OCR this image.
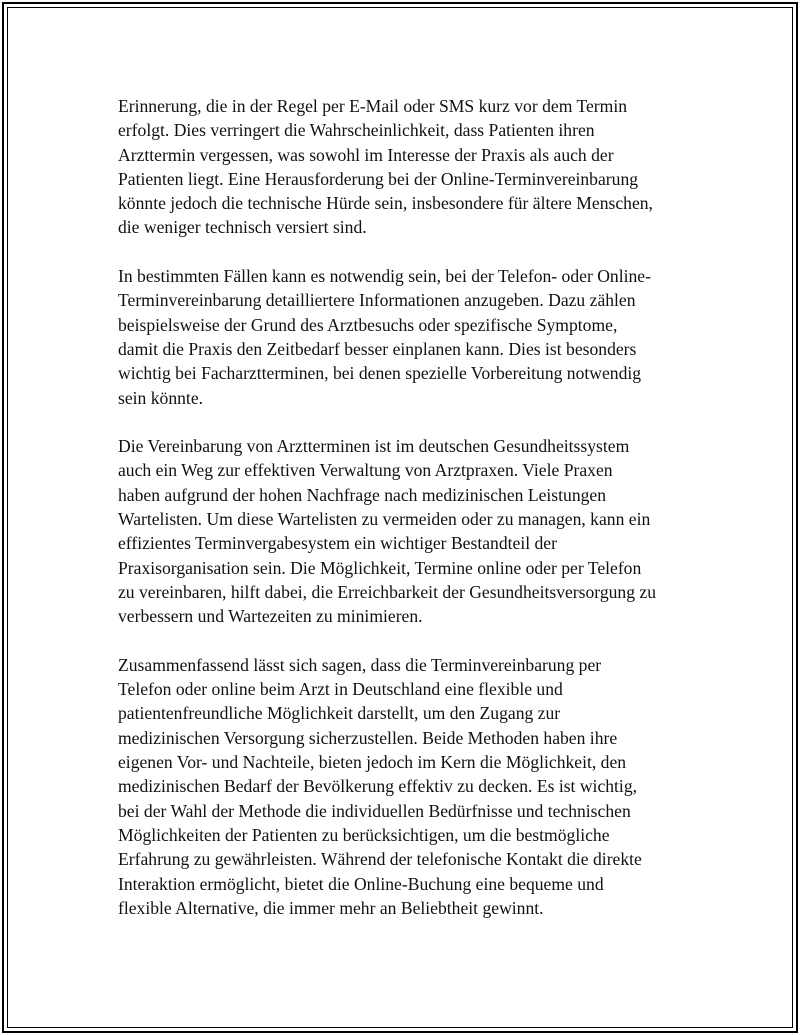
Erinnerung, die in der Regel per E-Mail oder SMS kurz vor dem Termin
erfolgt. Dies verringert die Wahrscheinlichkeit, dass Patienten ihren
Arzttermin vergessen, was sowohl im Interesse der Praxis als auch der
Patienten liegt. Eine Herausforderung bei der Online-Terminvereinbarung
könnte jedoch die technische Hürde sein, insbesondere für ältere Menschen,
die weniger technisch versiert sind.

In bestimmten Fällen kann es notwendig sein, bei der Telefon- oder Online-
Terminvereinbarung detailliertere Informationen anzugeben. Dazu zählen
beispielsweise der Grund des Arztbesuchs oder spezifische Symptome,
damit die Praxis den Zeitbedarf besser einplanen kann. Dies ist besonders
wichtig bei Facharztterminen, bei denen spezielle Vorbereitung notwendig
sein könnte.

Die Vereinbarung von Arztterminen ist im deutschen Gesundheitssystem
auch ein Weg zur effektiven Verwaltung von Arztpraxen. Viele Praxen
haben aufgrund der hohen Nachfrage nach medizinischen Leistungen
Wartelisten. Um diese Wartelisten zu vermeiden oder zu managen, kann ein
effizientes Terminvergabesystem ein wichtiger Bestandteil der
Praxisorganisation sein. Die Möglichkeit, Termine online oder per Telefon
zu vereinbaren, hilft dabei, die Erreichbarkeit der Gesundheitsversorgung zu
verbessern und Wartezeiten zu minimieren.

Zusammenfassend lässt sich sagen, dass die Terminvereinbarung per
Telefon oder online beim Arzt in Deutschland eine flexible und
patientenfreundliche Möglichkeit darstellt, um den Zugang zur
medizinischen Versorgung sicherzustellen. Beide Methoden haben ihre
eigenen Vor- und Nachteile, bieten jedoch im Kern die Möglichkeit, den
medizinischen Bedarf der Bevölkerung effektiv zu decken. Es ist wichtig,
bei der Wahl der Methode die individuellen Bedürfnisse und technischen
Möglichkeiten der Patienten zu berücksichtigen, um die bestmögliche
Erfahrung zu gewährleisten. Während der telefonische Kontakt die direkte
Interaktion ermöglicht, bietet die Online-Buchung eine bequeme und
flexible Alternative, die immer mehr an Beliebtheit gewinnt.
